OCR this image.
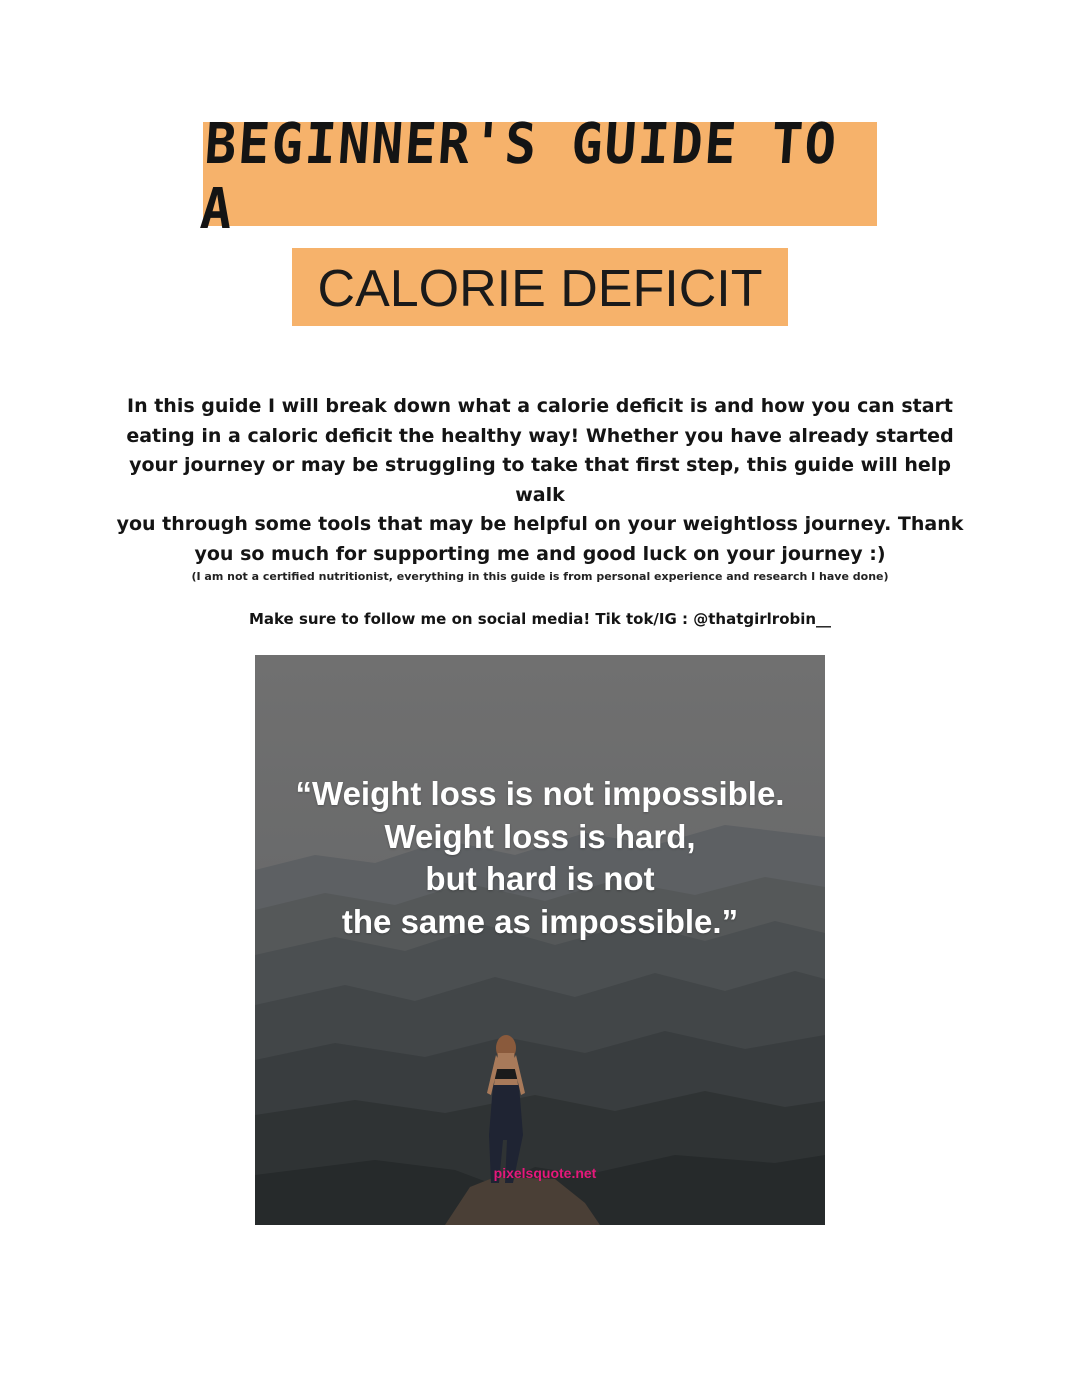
BEGINNER'S GUIDE TO A
CALORIE DEFICIT

In this guide I will break down what a calorie deficit is and how you can start
eating in a caloric deficit the healthy way! Whether you have already started
your journey or may be struggling to take that first step, this guide will help walk
you through some tools that may be helpful on your weightloss journey. Thank
you so much for supporting me and good luck on your journey :)

(I am not a certified nutritionist, everything in this guide is from personal experience and research I have done)

Make sure to follow me on social media! Tik tok/IG : @thatgirlrobin__

“Weight loss is not impossible.
Weight loss is hard,
but hard is not
the same as impossible.”

pixelsquote.net
